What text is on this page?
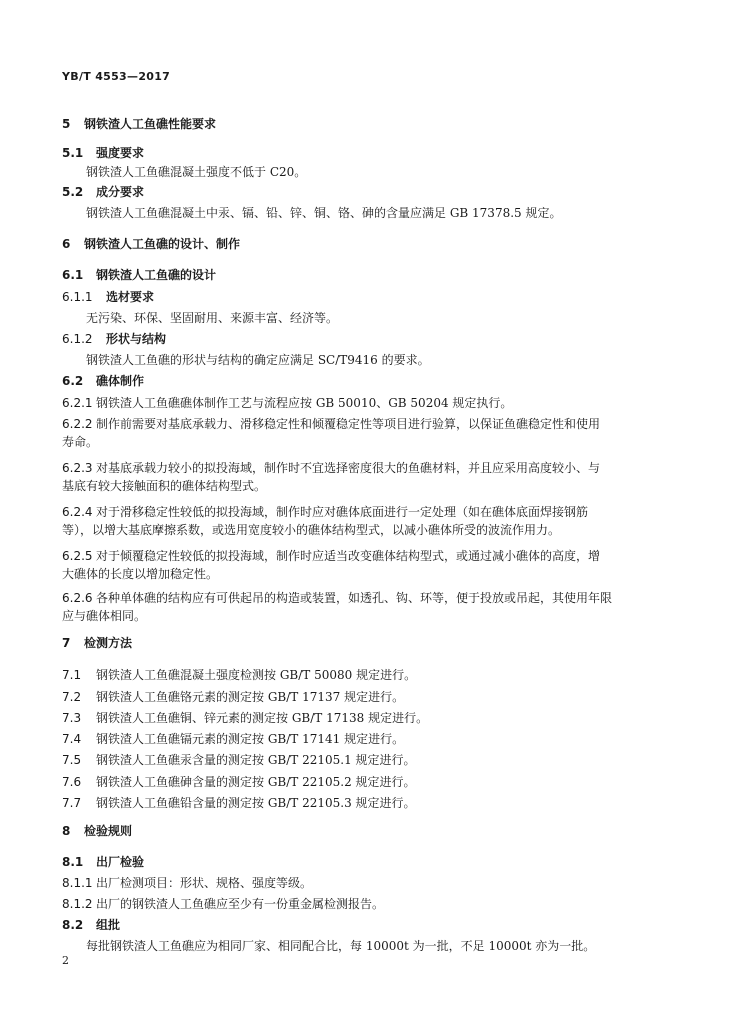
YB/T 4553—2017
5 钢铁渣人工鱼礁性能要求
5.1 强度要求
钢铁渣人工鱼礁混凝土强度不低于 C20。
5.2 成分要求
钢铁渣人工鱼礁混凝土中汞、镉、铅、锌、铜、铬、砷的含量应满足 GB 17378.5 规定。
6 钢铁渣人工鱼礁的设计、制作
6.1 钢铁渣人工鱼礁的设计
6.1.1 选材要求
无污染、环保、坚固耐用、来源丰富、经济等。
6.1.2 形状与结构
钢铁渣人工鱼礁的形状与结构的确定应满足 SC/T9416 的要求。
6.2 礁体制作
6.2.1 钢铁渣人工鱼礁礁体制作工艺与流程应按 GB 50010、GB 50204 规定执行。
6.2.2 制作前需要对基底承载力、滑移稳定性和倾覆稳定性等项目进行验算，以保证鱼礁稳定性和使用
寿命。
6.2.3 对基底承载力较小的拟投海域，制作时不宜选择密度很大的鱼礁材料，并且应采用高度较小、与
基底有较大接触面积的礁体结构型式。
6.2.4 对于滑移稳定性较低的拟投海域，制作时应对礁体底面进行一定处理（如在礁体底面焊接钢筋
等），以增大基底摩擦系数，或选用宽度较小的礁体结构型式，以减小礁体所受的波流作用力。
6.2.5 对于倾覆稳定性较低的拟投海域，制作时应适当改变礁体结构型式，或通过减小礁体的高度，增
大礁体的长度以增加稳定性。
6.2.6 各种单体礁的结构应有可供起吊的构造或装置，如透孔、钩、环等，便于投放或吊起，其使用年限
应与礁体相同。
7 检测方法
7.1 钢铁渣人工鱼礁混凝土强度检测按 GB/T 50080 规定进行。
7.2 钢铁渣人工鱼礁铬元素的测定按 GB/T 17137 规定进行。
7.3 钢铁渣人工鱼礁铜、锌元素的测定按 GB/T 17138 规定进行。
7.4 钢铁渣人工鱼礁镉元素的测定按 GB/T 17141 规定进行。
7.5 钢铁渣人工鱼礁汞含量的测定按 GB/T 22105.1 规定进行。
7.6 钢铁渣人工鱼礁砷含量的测定按 GB/T 22105.2 规定进行。
7.7 钢铁渣人工鱼礁铅含量的测定按 GB/T 22105.3 规定进行。
8 检验规则
8.1 出厂检验
8.1.1 出厂检测项目：形状、规格、强度等级。
8.1.2 出厂的钢铁渣人工鱼礁应至少有一份重金属检测报告。
8.2 组批
每批钢铁渣人工鱼礁应为相同厂家、相同配合比，每 10000t 为一批，不足 10000t 亦为一批。
2
